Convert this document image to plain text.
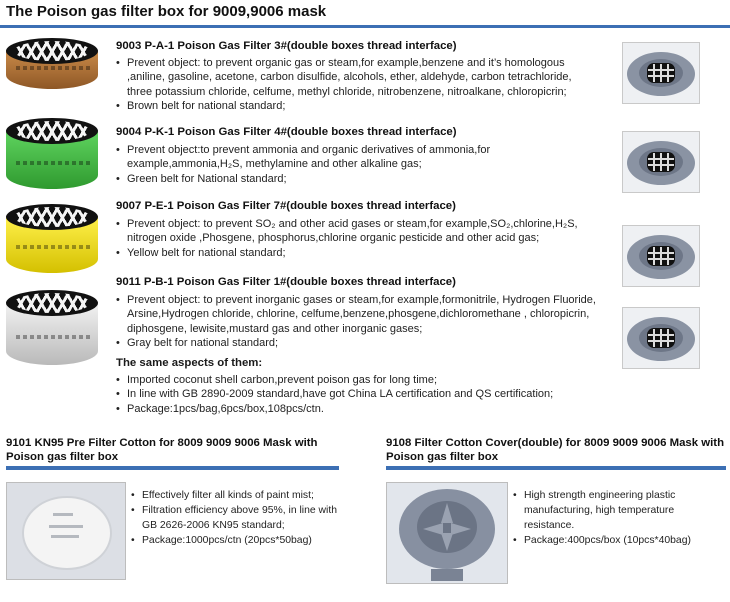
The Poison gas filter box for 9009,9006 mask
9003 P-A-1 Poison Gas Filter 3#(double boxes thread interface)
• Prevent object: to prevent organic gas or steam,for example,benzene and it’s homologous ,aniline, gasoline, acetone, carbon disulfide, alcohols, ether, aldehyde, carbon tetrachloride, three potassium chloride, celfume, methyl chloride, nitrobenzene, nitroalkane, chloropicrin;
• Brown belt for national standard;
9004 P-K-1 Poison Gas Filter 4#(double boxes thread interface)
• Prevent object:to prevent ammonia and organic derivatives of ammonia,for example,ammonia,H₂S, methylamine and other alkaline gas;
• Green belt for National standard;
9007 P-E-1 Poison Gas Filter 7#(double boxes thread interface)
• Prevent object: to prevent SO₂ and other acid gases or steam,for example,SO₂,chlorine,H₂S, nitrogen oxide ,Phosgene, phosphorus,chlorine organic pesticide and other acid gas;
• Yellow belt for national standard;
9011 P-B-1 Poison Gas Filter 1#(double boxes thread interface)
• Prevent object: to prevent inorganic gases or steam,for example,formonitrile, Hydrogen Fluoride, Arsine,Hydrogen chloride, chlorine, celfume,benzene,phosgene,dichloromethane , chloropicrin, diphosgene, lewisite,mustard gas and other inorganic gases;
• Gray belt for national standard;
The same aspects of them:
• Imported coconut shell carbon,prevent poison gas for long time;
• In line with GB 2890-2009 standard,have got China LA certification and QS certification;
• Package:1pcs/bag,6pcs/box,108pcs/ctn.
9101 KN95 Pre Filter Cotton for 8009 9009 9006 Mask with Poison gas filter box
• Effectively filter all kinds of paint mist;
• Filtration efficiency above 95%, in line with GB 2626-2006 KN95 standard;
• Package:1000pcs/ctn (20pcs*50bag)
9108 Filter Cotton Cover(double) for 8009 9009 9006 Mask with Poison gas filter box
• High strength engineering plastic manufacturing, high temperature resistance.
• Package:400pcs/box (10pcs*40bag)
